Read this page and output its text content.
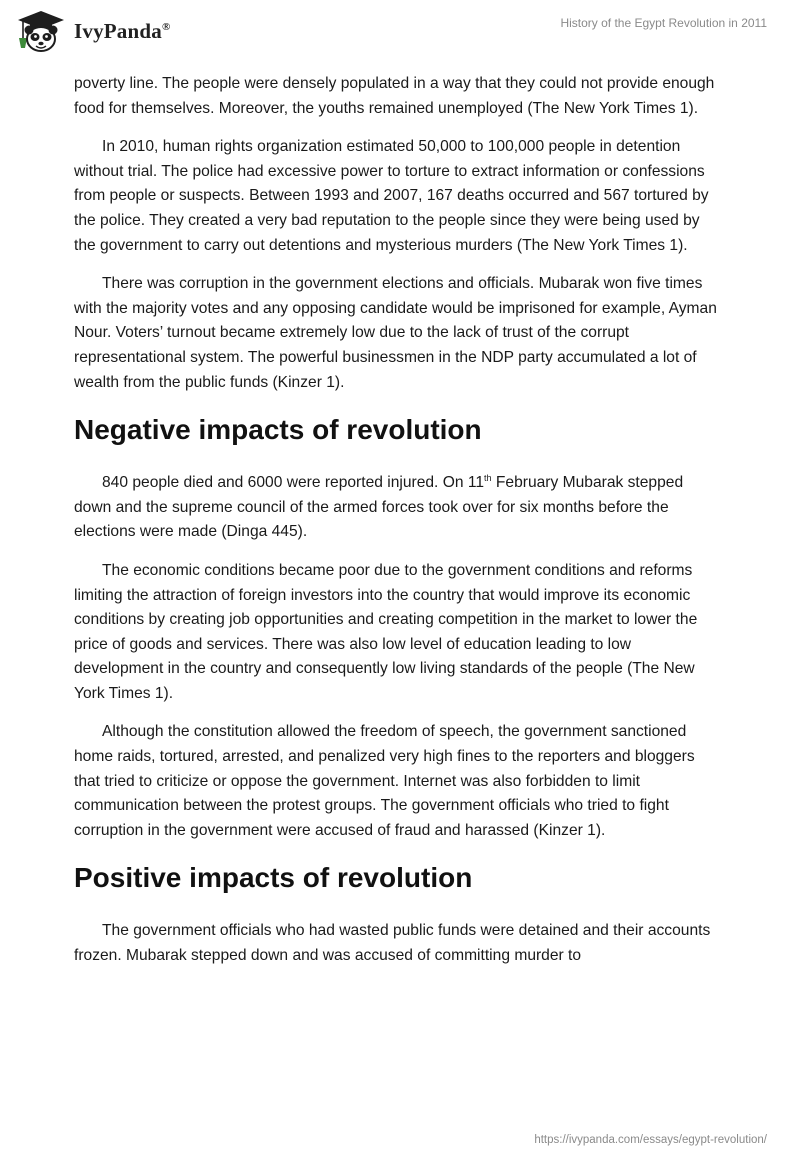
IvyPanda®	History of the Egypt Revolution in 2011

poverty line. The people were densely populated in a way that they could not provide enough food for themselves. Moreover, the youths remained unemployed (The New York Times 1).

In 2010, human rights organization estimated 50,000 to 100,000 people in detention without trial. The police had excessive power to torture to extract information or confessions from people or suspects. Between 1993 and 2007, 167 deaths occurred and 567 tortured by the police. They created a very bad reputation to the people since they were being used by the government to carry out detentions and mysterious murders (The New York Times 1).

There was corruption in the government elections and officials. Mubarak won five times with the majority votes and any opposing candidate would be imprisoned for example, Ayman Nour. Voters’ turnout became extremely low due to the lack of trust of the corrupt representational system. The powerful businessmen in the NDP party accumulated a lot of wealth from the public funds (Kinzer 1).

Negative impacts of revolution

840 people died and 6000 were reported injured. On 11th February Mubarak stepped down and the supreme council of the armed forces took over for six months before the elections were made (Dinga 445).

The economic conditions became poor due to the government conditions and reforms limiting the attraction of foreign investors into the country that would improve its economic conditions by creating job opportunities and creating competition in the market to lower the price of goods and services. There was also low level of education leading to low development in the country and consequently low living standards of the people (The New York Times 1).

Although the constitution allowed the freedom of speech, the government sanctioned home raids, tortured, arrested, and penalized very high fines to the reporters and bloggers that tried to criticize or oppose the government. Internet was also forbidden to limit communication between the protest groups. The government officials who tried to fight corruption in the government were accused of fraud and harassed (Kinzer 1).

Positive impacts of revolution

The government officials who had wasted public funds were detained and their accounts frozen. Mubarak stepped down and was accused of committing murder to

https://ivypanda.com/essays/egypt-revolution/
